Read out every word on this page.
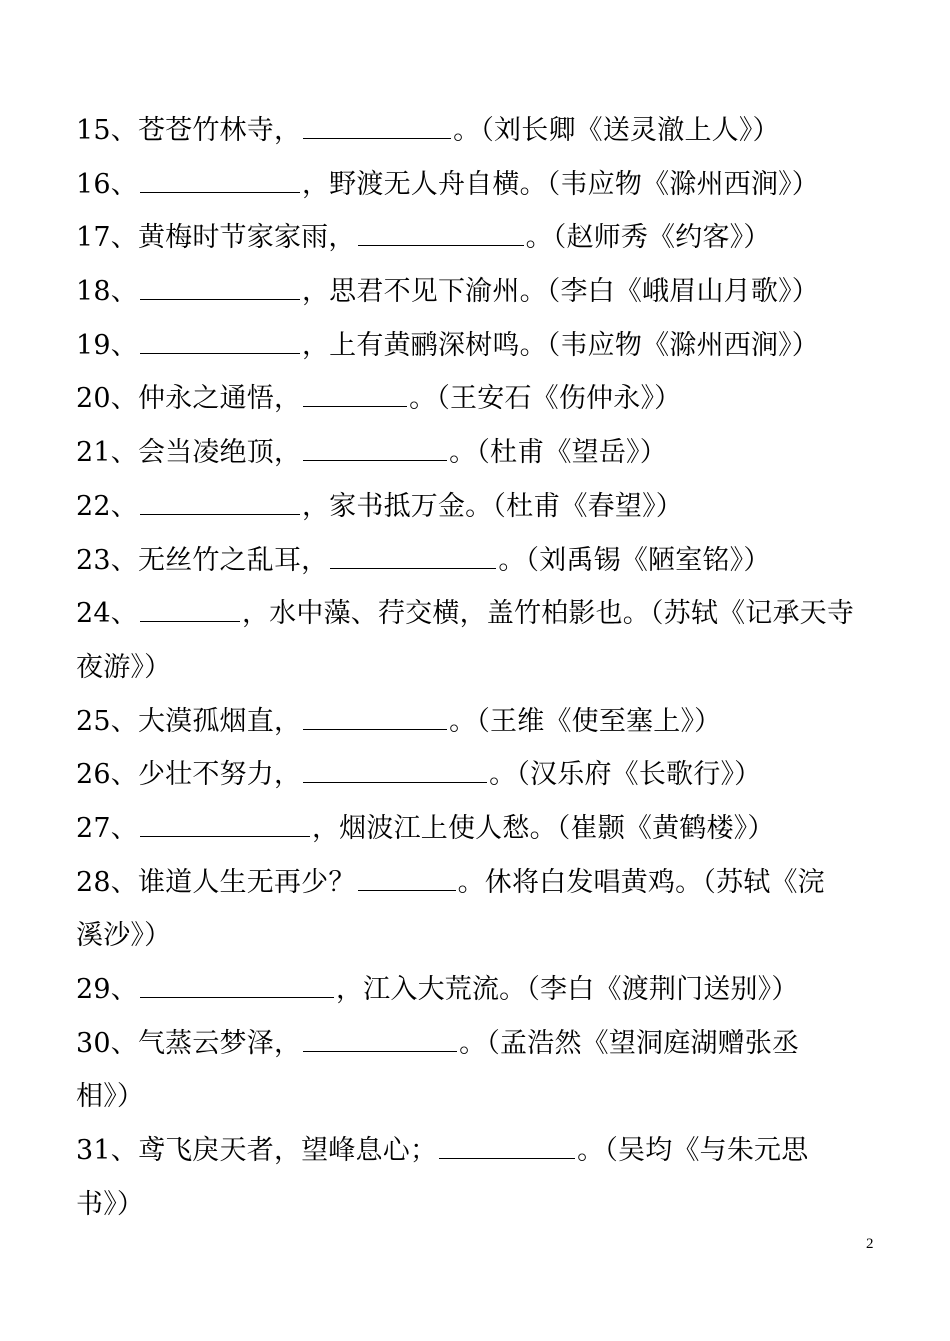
15、苍苍竹林寺，	。（刘长卿《送灵澈上人》）
16、	，野渡无人舟自横。（韦应物《滁州西涧》）
17、黄梅时节家家雨，	。（赵师秀《约客》）
18、	，思君不见下渝州。（李白《峨眉山月歌》）
19、	，上有黄鹂深树鸣。（韦应物《滁州西涧》）
20、仲永之通悟，	。（王安石《伤仲永》）
21、会当凌绝顶，	。（杜甫《望岳》）
22、	，家书抵万金。（杜甫《春望》）
23、无丝竹之乱耳，	。（刘禹锡《陋室铭》）
24、	，水中藻、荇交横，盖竹柏影也。（苏轼《记承天寺
夜游》）
25、大漠孤烟直，	。（王维《使至塞上》）
26、少壮不努力，	。（汉乐府《长歌行》）
27、	，烟波江上使人愁。（崔颢《黄鹤楼》）
28、谁道人生无再少？	。休将白发唱黄鸡。（苏轼《浣
溪沙》）
29、	，江入大荒流。（李白《渡荆门送别》）
30、气蒸云梦泽，	。（孟浩然《望洞庭湖赠张丞
相》）
31、鸢飞戾天者，望峰息心；	。（吴均《与朱元思
书》）
2
